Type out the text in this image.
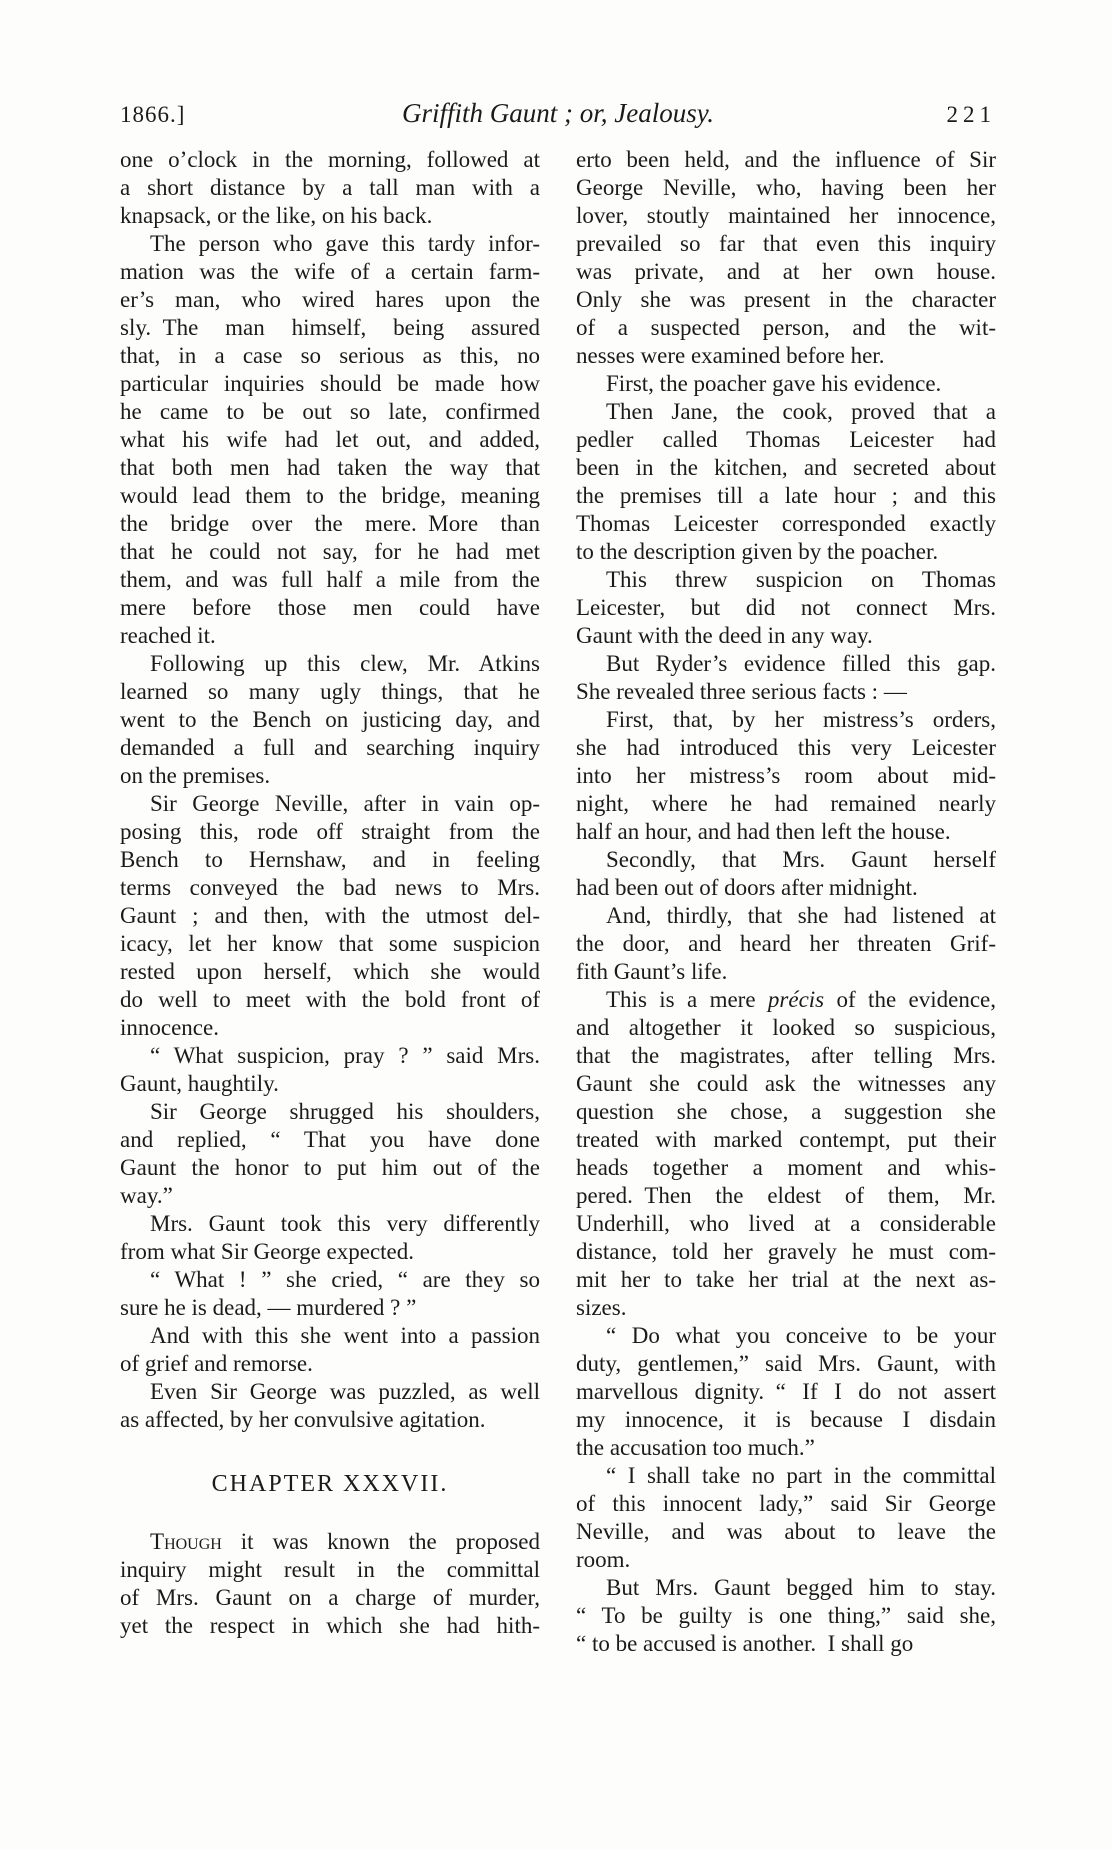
1866.]	Griffith Gaunt ; or, Jealousy.	221
one o’clock in the morning, followed at
a short distance by a tall man with a
knapsack, or the like, on his back.
The person who gave this tardy infor-
mation was the wife of a certain farm-
er’s man, who wired hares upon the
sly. The man himself, being assured
that, in a case so serious as this, no
particular inquiries should be made how
he came to be out so late, confirmed
what his wife had let out, and added,
that both men had taken the way that
would lead them to the bridge, meaning
the bridge over the mere. More than
that he could not say, for he had met
them, and was full half a mile from the
mere before those men could have
reached it.
Following up this clew, Mr. Atkins
learned so many ugly things, that he
went to the Bench on justicing day, and
demanded a full and searching inquiry
on the premises.
Sir George Neville, after in vain op-
posing this, rode off straight from the
Bench to Hernshaw, and in feeling
terms conveyed the bad news to Mrs.
Gaunt ; and then, with the utmost del-
icacy, let her know that some suspicion
rested upon herself, which she would
do well to meet with the bold front of
innocence.
“ What suspicion, pray ? ” said Mrs.
Gaunt, haughtily.
Sir George shrugged his shoulders,
and replied, “ That you have done
Gaunt the honor to put him out of the
way.”
Mrs. Gaunt took this very differently
from what Sir George expected.
“ What ! ” she cried, “ are they so
sure he is dead, — murdered ? ”
And with this she went into a passion
of grief and remorse.
Even Sir George was puzzled, as well
as affected, by her convulsive agitation.
CHAPTER XXXVII.
Though it was known the proposed
inquiry might result in the committal
of Mrs. Gaunt on a charge of murder,
yet the respect in which she had hith-
erto been held, and the influence of Sir
George Neville, who, having been her
lover, stoutly maintained her innocence,
prevailed so far that even this inquiry
was private, and at her own house.
Only she was present in the character
of a suspected person, and the wit-
nesses were examined before her.
First, the poacher gave his evidence.
Then Jane, the cook, proved that a
pedler called Thomas Leicester had
been in the kitchen, and secreted about
the premises till a late hour ; and this
Thomas Leicester corresponded exactly
to the description given by the poacher.
This threw suspicion on Thomas
Leicester, but did not connect Mrs.
Gaunt with the deed in any way.
But Ryder’s evidence filled this gap.
She revealed three serious facts : —
First, that, by her mistress’s orders,
she had introduced this very Leicester
into her mistress’s room about mid-
night, where he had remained nearly
half an hour, and had then left the house.
Secondly, that Mrs. Gaunt herself
had been out of doors after midnight.
And, thirdly, that she had listened at
the door, and heard her threaten Grif-
fith Gaunt’s life.
This is a mere précis of the evidence,
and altogether it looked so suspicious,
that the magistrates, after telling Mrs.
Gaunt she could ask the witnesses any
question she chose, a suggestion she
treated with marked contempt, put their
heads together a moment and whis-
pered. Then the eldest of them, Mr.
Underhill, who lived at a considerable
distance, told her gravely he must com-
mit her to take her trial at the next as-
sizes.
“ Do what you conceive to be your
duty, gentlemen,” said Mrs. Gaunt, with
marvellous dignity. “ If I do not assert
my innocence, it is because I disdain
the accusation too much.”
“ I shall take no part in the committal
of this innocent lady,” said Sir George
Neville, and was about to leave the
room.
But Mrs. Gaunt begged him to stay.
“ To be guilty is one thing,” said she,
“ to be accused is another. I shall go
